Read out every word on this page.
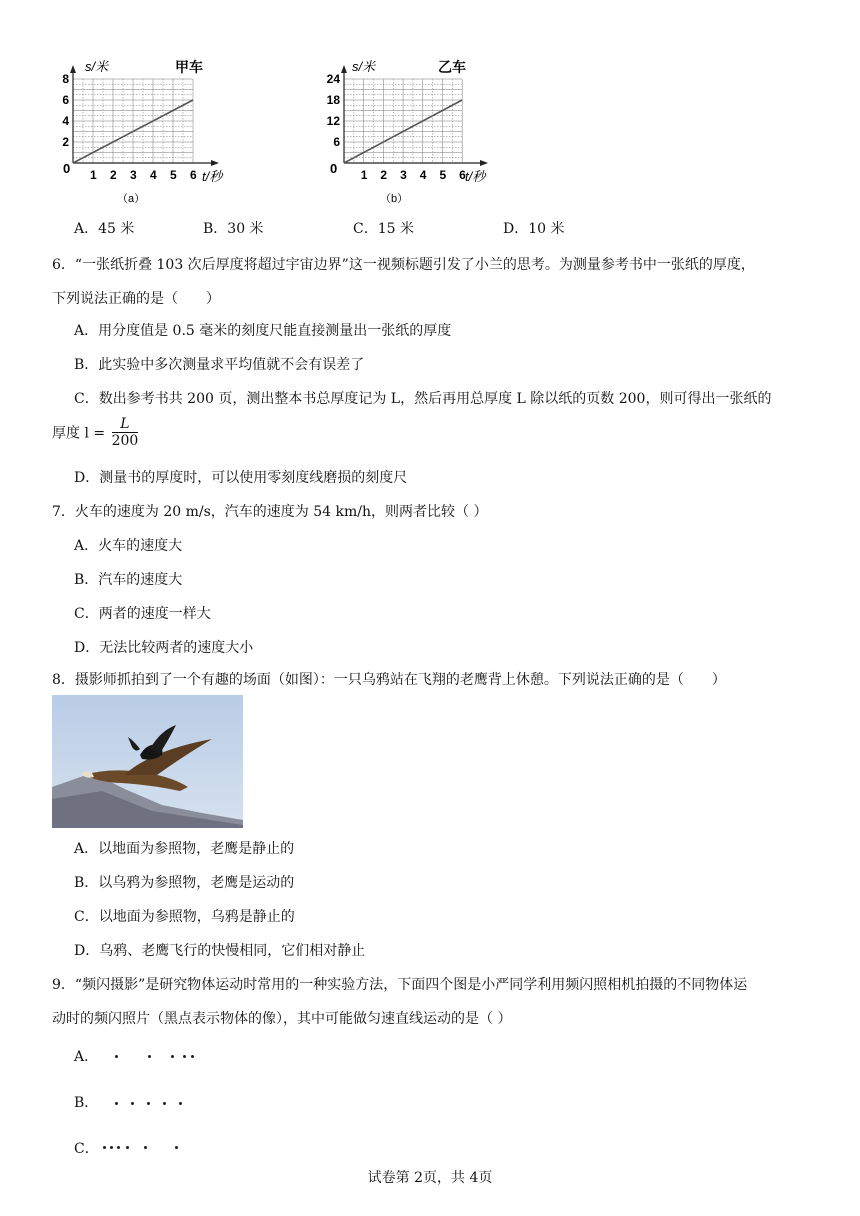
1 2 3 4 5 6
2
4
6
8
s/米	甲车
t/秒
0
（a）
1 2 3 4 5 6
6
12
18
24
s/米	乙车
t/秒
0
（b）
A．45 米	B．30 米	C．15 米	D．10 米
6．“一张纸折叠 103 次后厚度将超过宇宙边界”这一视频标题引发了小兰的思考。为测量参考书中一张纸的厚度，
下列说法正确的是（　　）
A．用分度值是 0.5 毫米的刻度尺能直接测量出一张纸的厚度
B．此实验中多次测量求平均值就不会有误差了
C．数出参考书共 200 页，测出整本书总厚度记为 L，然后再用总厚度 L 除以纸的页数 200，则可得出一张纸的
厚度 $l = \frac{L}{200}$
D．测量书的厚度时，可以使用零刻度线磨损的刻度尺
7．火车的速度为 20 m/s，汽车的速度为 54 km/h，则两者比较（ ）
A．火车的速度大
B．汽车的速度大
C．两者的速度一样大
D．无法比较两者的速度大小
8．摄影师抓拍到了一个有趣的场面（如图）：一只乌鸦站在飞翔的老鹰背上休憩。下列说法正确的是（　　）
A．以地面为参照物，老鹰是静止的
B．以乌鸦为参照物，老鹰是运动的
C．以地面为参照物，乌鸦是静止的
D．乌鸦、老鹰飞行的快慢相同，它们相对静止
9．“频闪摄影”是研究物体运动时常用的一种实验方法，下面四个图是小严同学利用频闪照相机拍摄的不同物体运
动时的频闪照片（黑点表示物体的像），其中可能做匀速直线运动的是（ ）
A．
B．
C．
试卷第 2页，共 4页
